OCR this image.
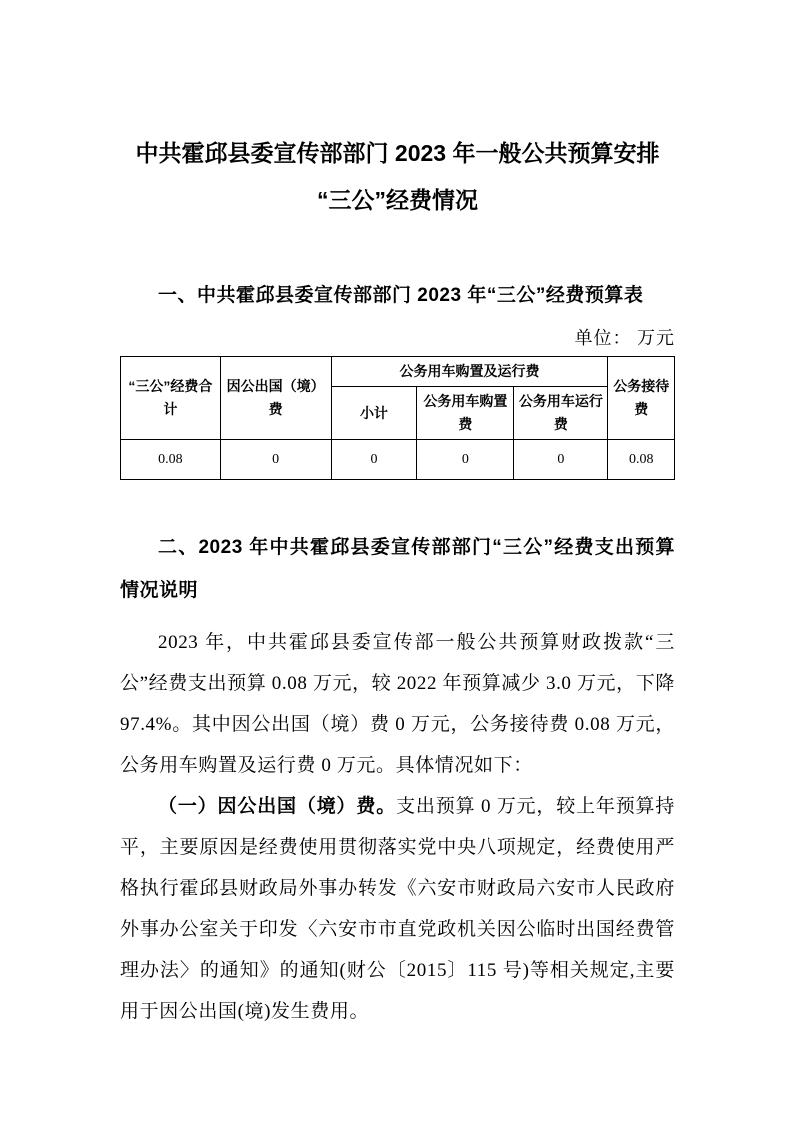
中共霍邱县委宣传部部门 2023 年一般公共预算安排
“三公”经费情况
一、中共霍邱县委宣传部部门 2023 年“三公”经费预算表
单位： 万元
“三公”经费合计	因公出国（境）费	公务用车购置及运行费			公务接待费
		小计	公务用车购置费	公务用车运行费	
0.08	0	0	0	0	0.08
二、2023 年中共霍邱县委宣传部部门“三公”经费支出预算情况说明

2023 年，中共霍邱县委宣传部一般公共预算财政拨款“三公”经费支出预算 0.08 万元，较 2022 年预算减少 3.0 万元，下降 97.4%。其中因公出国（境）费 0 万元，公务接待费 0.08 万元，公务用车购置及运行费 0 万元。具体情况如下：

（一）因公出国（境）费。支出预算 0 万元，较上年预算持平，主要原因是经费使用贯彻落实党中央八项规定，经费使用严格执行霍邱县财政局外事办转发《六安市财政局六安市人民政府外事办公室关于印发〈六安市市直党政机关因公临时出国经费管理办法〉的通知》的通知(财公〔2015〕115 号)等相关规定,主要用于因公出国(境)发生费用。
